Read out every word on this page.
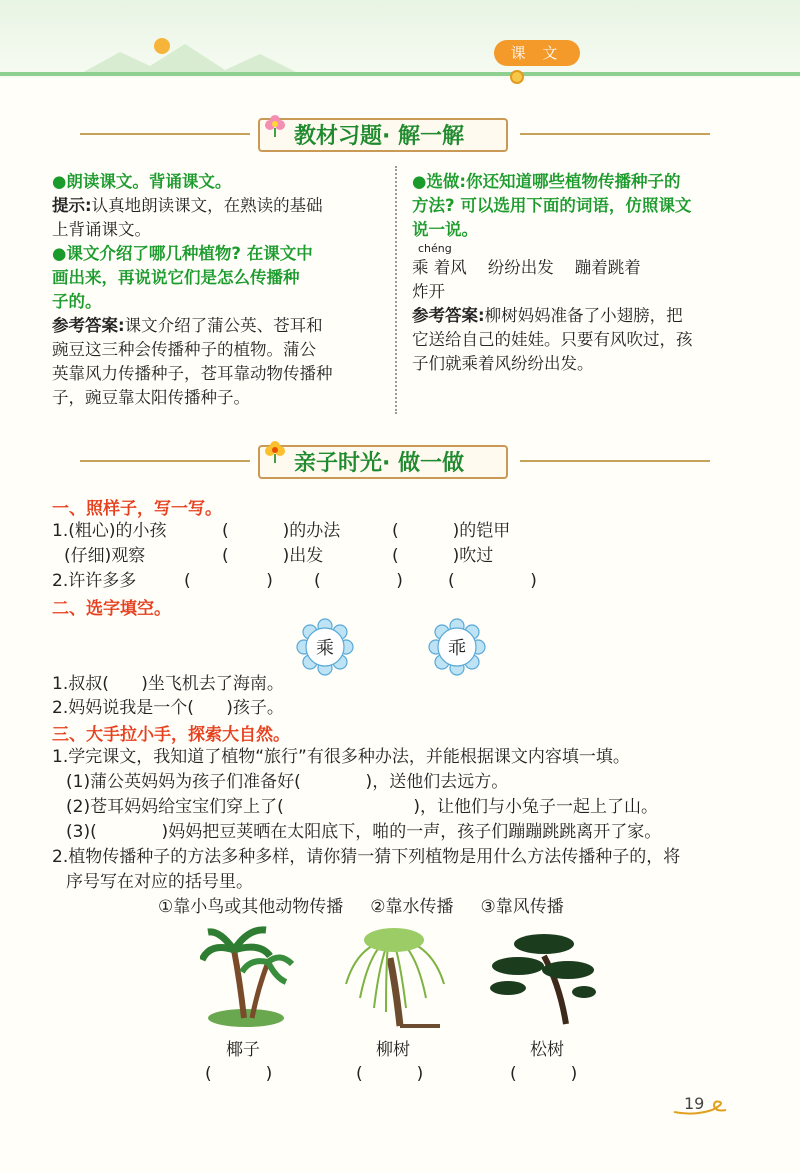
课 文
教材习题· 解一解
●朗读课文。背诵课文。
提示:认真地朗读课文，在熟读的基础
上背诵课文。
●课文介绍了哪几种植物? 在课文中
画出来，再说说它们是怎么传播种
子的。
参考答案:课文介绍了蒲公英、苍耳和
豌豆这三种会传播种子的植物。蒲公
英靠风力传播种子，苍耳靠动物传播种
子，豌豆靠太阳传播种子。
●选做:你还知道哪些植物传播种子的
方法? 可以选用下面的词语，仿照课文
说一说。
chéng
乘 着风    纷纷出发    蹦着跳着
炸开
参考答案:柳树妈妈准备了小翅膀，把
它送给自己的娃娃。只要有风吹过，孩
子们就乘着风纷纷出发。
亲子时光· 做一做
一、照样子，写一写。
1.(粗心)的小孩	(          )的办法	(          )的铠甲
(仔细)观察	(          )出发	(          )吹过
2.许许多多	(              ) (              )	(              )
二、选字填空。
乘	乖
1.叔叔(      )坐飞机去了海南。
2.妈妈说我是一个(      )孩子。
三、大手拉小手，探索大自然。
1.学完课文，我知道了植物“旅行”有很多种办法，并能根据课文内容填一填。
(1)蒲公英妈妈为孩子们准备好(            )，送他们去远方。
(2)苍耳妈妈给宝宝们穿上了(                        )，让他们与小兔子一起上了山。
(3)(            )妈妈把豆荚晒在太阳底下，啪的一声，孩子们蹦蹦跳跳离开了家。
2.植物传播种子的方法多种多样，请你猜一猜下列植物是用什么方法传播种子的，将
序号写在对应的括号里。
①靠小鸟或其他动物传播     ②靠水传播     ③靠风传播
椰子
(          )
柳树
(          )
松树
(          )
19
